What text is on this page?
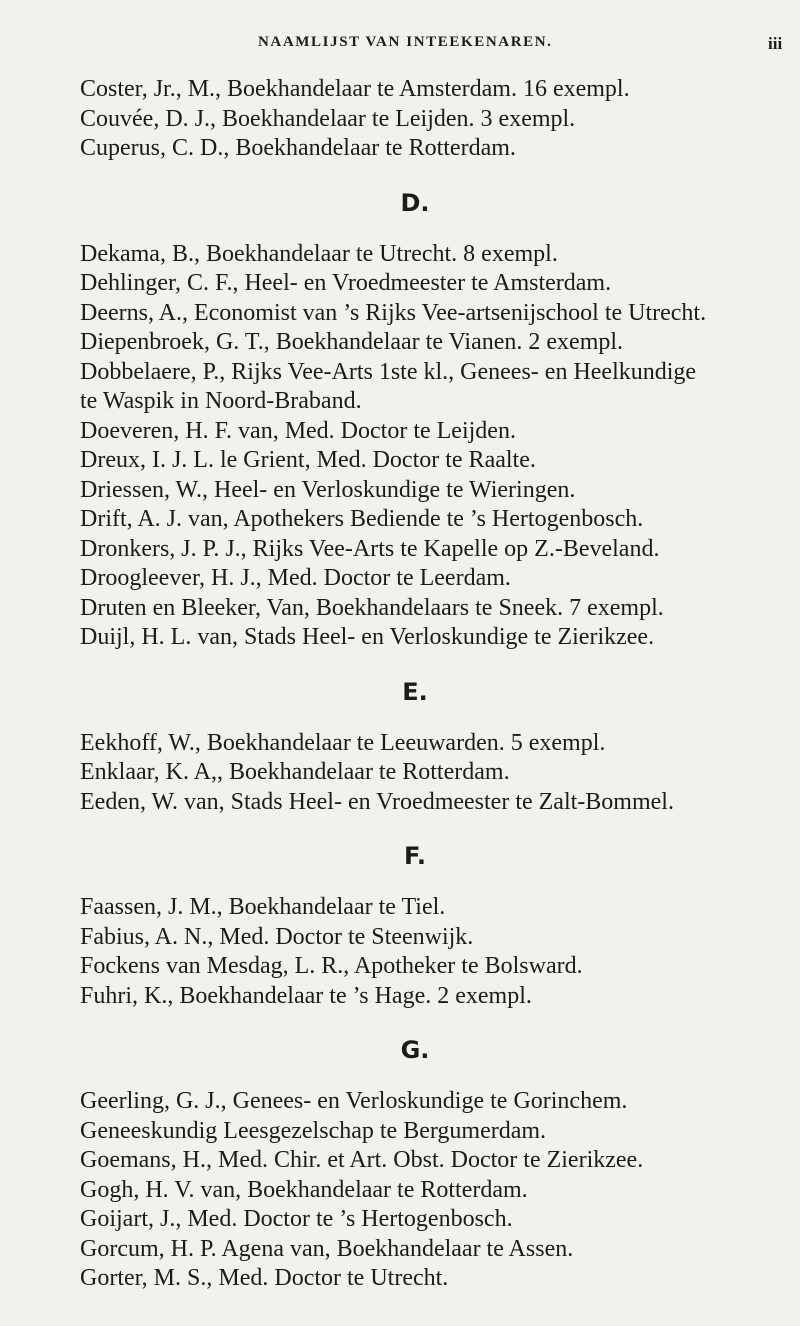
NAAMLIJST VAN INTEEKENAREN.	iii

Coster, Jr., M., Boekhandelaar te Amsterdam. 16 exempl.

Couvée, D. J., Boekhandelaar te Leijden. 3 exempl.

Cuperus, C. D., Boekhandelaar te Rotterdam.

D.

Dekama, B., Boekhandelaar te Utrecht. 8 exempl.

Dehlinger, C. F., Heel- en Vroedmeester te Amsterdam.

Deerns, A., Economist van ’s Rijks Vee-artsenijschool te Utrecht.

Diepenbroek, G. T., Boekhandelaar te Vianen. 2 exempl.

Dobbelaere, P., Rijks Vee-Arts 1ste kl., Genees- en Heelkundige

te Waspik in Noord-Braband.

Doeveren, H. F. van, Med. Doctor te Leijden.

Dreux, I. J. L. le Grient, Med. Doctor te Raalte.

Driessen, W., Heel- en Verloskundige te Wieringen.

Drift, A. J. van, Apothekers Bediende te ’s Hertogenbosch.

Dronkers, J. P. J., Rijks Vee-Arts te Kapelle op Z.-Beveland.

Droogleever, H. J., Med. Doctor te Leerdam.

Druten en Bleeker, Van, Boekhandelaars te Sneek. 7 exempl.

Duijl, H. L. van, Stads Heel- en Verloskundige te Zierikzee.

E.

Eekhoff, W., Boekhandelaar te Leeuwarden. 5 exempl.

Enklaar, K. A,, Boekhandelaar te Rotterdam.

Eeden, W. van, Stads Heel- en Vroedmeester te Zalt-Bommel.

F.

Faassen, J. M., Boekhandelaar te Tiel.

Fabius, A. N., Med. Doctor te Steenwijk.

Fockens van Mesdag, L. R., Apotheker te Bolsward.

Fuhri, K., Boekhandelaar te ’s Hage. 2 exempl.

G.

Geerling, G. J., Genees- en Verloskundige te Gorinchem.

Geneeskundig Leesgezelschap te Bergumerdam.

Goemans, H., Med. Chir. et Art. Obst. Doctor te Zierikzee.

Gogh, H. V. van, Boekhandelaar te Rotterdam.

Goijart, J., Med. Doctor te ’s Hertogenbosch.

Gorcum, H. P. Agena van, Boekhandelaar te Assen.

Gorter, M. S., Med. Doctor te Utrecht.
